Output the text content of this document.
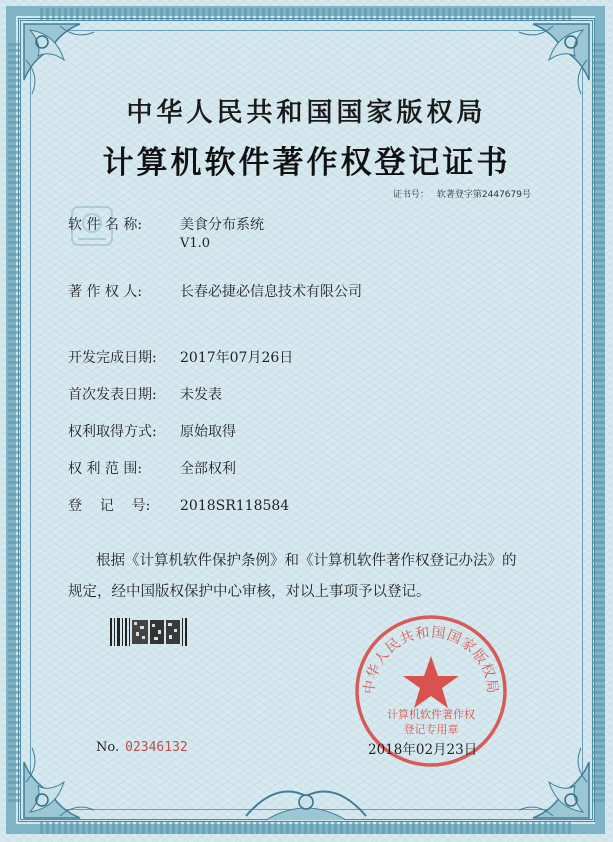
中华人民共和国国家版权局
计算机软件著作权登记证书
证书号： 软著登字第2447679号
软 件 名 称:	美食分布系统
V1.0
著 作 权 人:	长春必捷必信息技术有限公司
开发完成日期: 2017年07月26日
首次发表日期: 未发表
权利取得方式: 原始取得
权 利 范 围:	全部权利
登    记    号: 2018SR118584
根据《计算机软件保护条例》和《计算机软件著作权登记办法》的
规定，经中国版权保护中心审核，对以上事项予以登记。
中华人民共和国国家版权局
计算机软件著作权
登记专用章
No. 02346132	2018年02月23日
